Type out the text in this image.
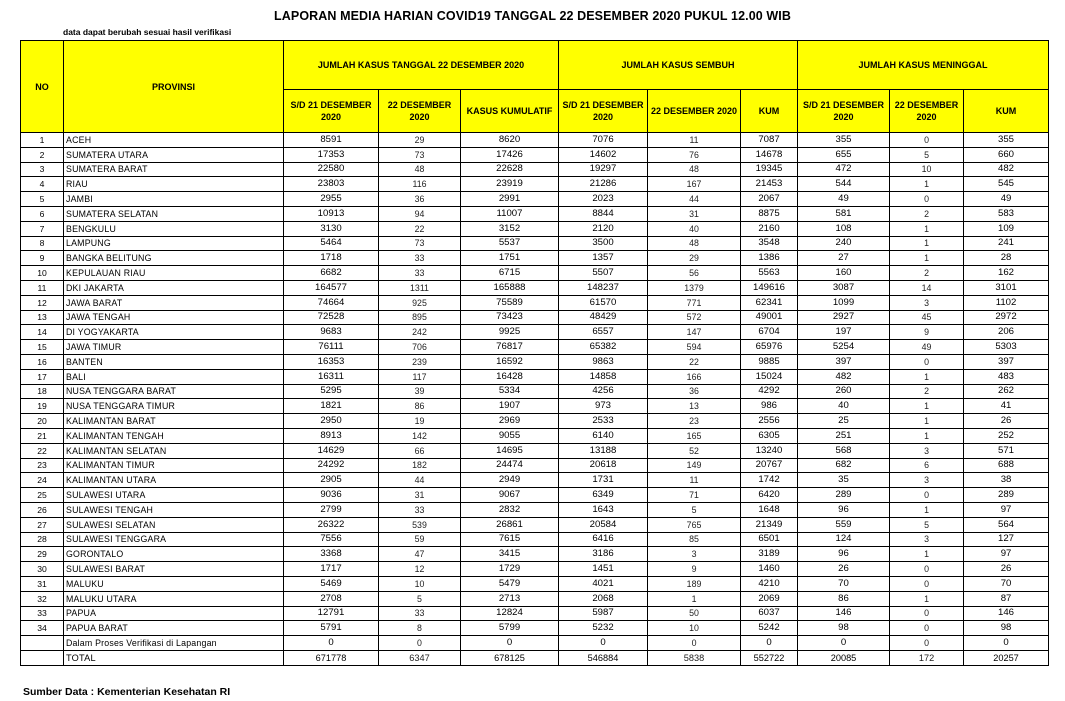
LAPORAN MEDIA HARIAN COVID19 TANGGAL 22 DESEMBER 2020 PUKUL 12.00 WIB
data dapat berubah sesuai hasil verifikasi
NO	PROVINSI	JUMLAH KASUS TANGGAL 22 DESEMBER 2020			JUMLAH KASUS SEMBUH			JUMLAH KASUS MENINGGAL		
		S/D 21 DESEMBER 2020	22 DESEMBER 2020	KASUS KUMULATIF	S/D 21 DESEMBER 2020	22 DESEMBER 2020	KUM	S/D 21 DESEMBER 2020	22 DESEMBER 2020	KUM
1	ACEH	8591	29	8620	7076	11	7087	355	0	355
2	SUMATERA UTARA	17353	73	17426	14602	76	14678	655	5	660
3	SUMATERA BARAT	22580	48	22628	19297	48	19345	472	10	482
4	RIAU	23803	116	23919	21286	167	21453	544	1	545
5	JAMBI	2955	36	2991	2023	44	2067	49	0	49
6	SUMATERA SELATAN	10913	94	11007	8844	31	8875	581	2	583
7	BENGKULU	3130	22	3152	2120	40	2160	108	1	109
8	LAMPUNG	5464	73	5537	3500	48	3548	240	1	241
9	BANGKA BELITUNG	1718	33	1751	1357	29	1386	27	1	28
10	KEPULAUAN RIAU	6682	33	6715	5507	56	5563	160	2	162
11	DKI JAKARTA	164577	1311	165888	148237	1379	149616	3087	14	3101
12	JAWA BARAT	74664	925	75589	61570	771	62341	1099	3	1102
13	JAWA TENGAH	72528	895	73423	48429	572	49001	2927	45	2972
14	DI YOGYAKARTA	9683	242	9925	6557	147	6704	197	9	206
15	JAWA TIMUR	76111	706	76817	65382	594	65976	5254	49	5303
16	BANTEN	16353	239	16592	9863	22	9885	397	0	397
17	BALI	16311	117	16428	14858	166	15024	482	1	483
18	NUSA TENGGARA BARAT	5295	39	5334	4256	36	4292	260	2	262
19	NUSA TENGGARA TIMUR	1821	86	1907	973	13	986	40	1	41
20	KALIMANTAN BARAT	2950	19	2969	2533	23	2556	25	1	26
21	KALIMANTAN TENGAH	8913	142	9055	6140	165	6305	251	1	252
22	KALIMANTAN SELATAN	14629	66	14695	13188	52	13240	568	3	571
23	KALIMANTAN TIMUR	24292	182	24474	20618	149	20767	682	6	688
24	KALIMANTAN UTARA	2905	44	2949	1731	11	1742	35	3	38
25	SULAWESI UTARA	9036	31	9067	6349	71	6420	289	0	289
26	SULAWESI TENGAH	2799	33	2832	1643	5	1648	96	1	97
27	SULAWESI SELATAN	26322	539	26861	20584	765	21349	559	5	564
28	SULAWESI TENGGARA	7556	59	7615	6416	85	6501	124	3	127
29	GORONTALO	3368	47	3415	3186	3	3189	96	1	97
30	SULAWESI BARAT	1717	12	1729	1451	9	1460	26	0	26
31	MALUKU	5469	10	5479	4021	189	4210	70	0	70
32	MALUKU UTARA	2708	5	2713	2068	1	2069	86	1	87
33	PAPUA	12791	33	12824	5987	50	6037	146	0	146
34	PAPUA BARAT	5791	8	5799	5232	10	5242	98	0	98
	Dalam Proses Verifikasi di Lapangan	0	0	0	0	0	0	0	0	0
	TOTAL	671778	6347	678125	546884	5838	552722	20085	172	20257
Sumber Data : Kementerian Kesehatan RI
